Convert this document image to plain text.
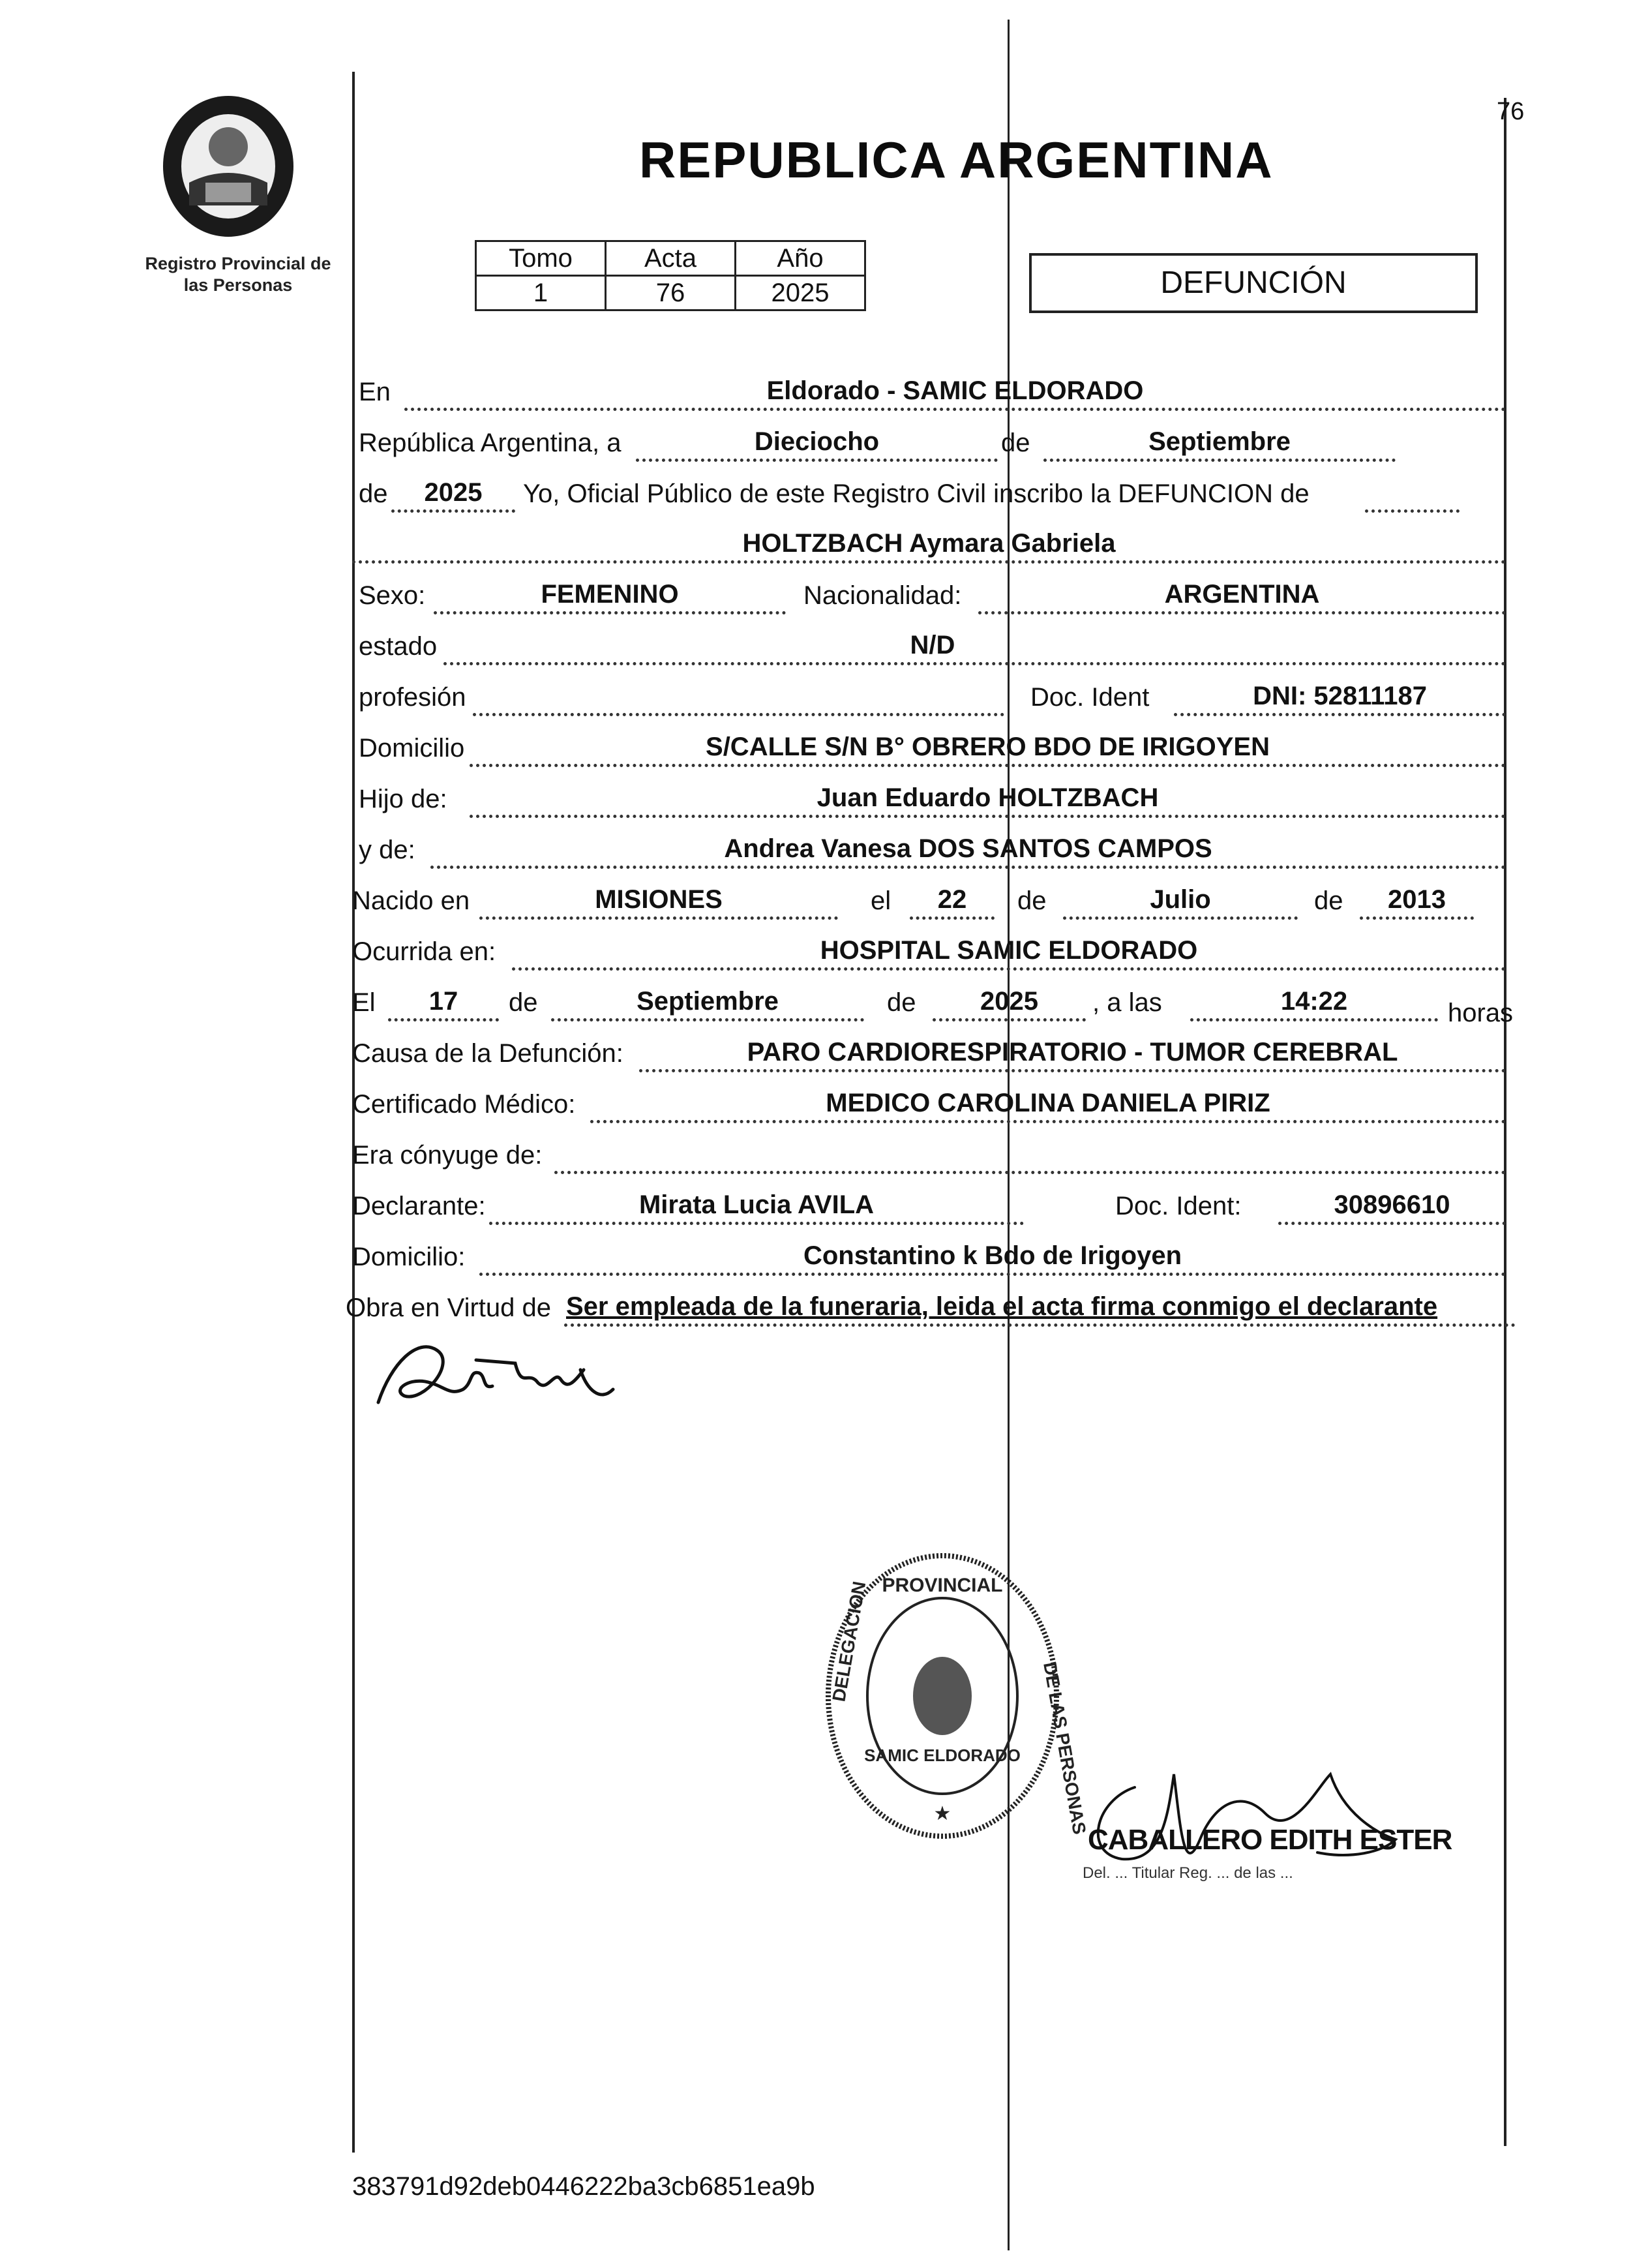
Registro Provincial de las Personas
76
REPUBLICA ARGENTINA
Tomo	Acta	Año
1	76	2025	DEFUNCIÓN
En	Eldorado - SAMIC ELDORADO
República Argentina, a	Dieciocho	de	Septiembre
de	2025	Yo, Oficial Público de este Registro Civil inscribo la DEFUNCION de
HOLTZBACH Aymara Gabriela
Sexo:	FEMENINO	Nacionalidad:	ARGENTINA
estado	N/D
profesión	Doc. Ident	DNI: 52811187
Domicilio	S/CALLE S/N B° OBRERO BDO DE IRIGOYEN
Hijo de:	Juan Eduardo HOLTZBACH
y de:	Andrea Vanesa DOS SANTOS CAMPOS
Nacido en	MISIONES	el	22	de	Julio	de	2013
Ocurrida en:	HOSPITAL SAMIC ELDORADO
El	17	de	Septiembre	de	2025	, a las	14:22	horas
Causa de la Defunción:	PARO CARDIORESPIRATORIO - TUMOR CEREBRAL
Certificado Médico:	MEDICO CAROLINA DANIELA PIRIZ
Era cónyuge de:
Declarante:	Mirata Lucia AVILA	Doc. Ident:	30896610
Domicilio:	Constantino k Bdo de Irigoyen
Obra en Virtud de Ser empleada de la funeraria, leida el acta firma conmigo el declarante
PROVINCIAL
DELEGACION
DE LAS PERSONAS
SAMIC ELDORADO
★
CABALLERO EDITH ESTER
Del. ... Titular Reg. ... de las ...
383791d92deb0446222ba3cb6851ea9b
